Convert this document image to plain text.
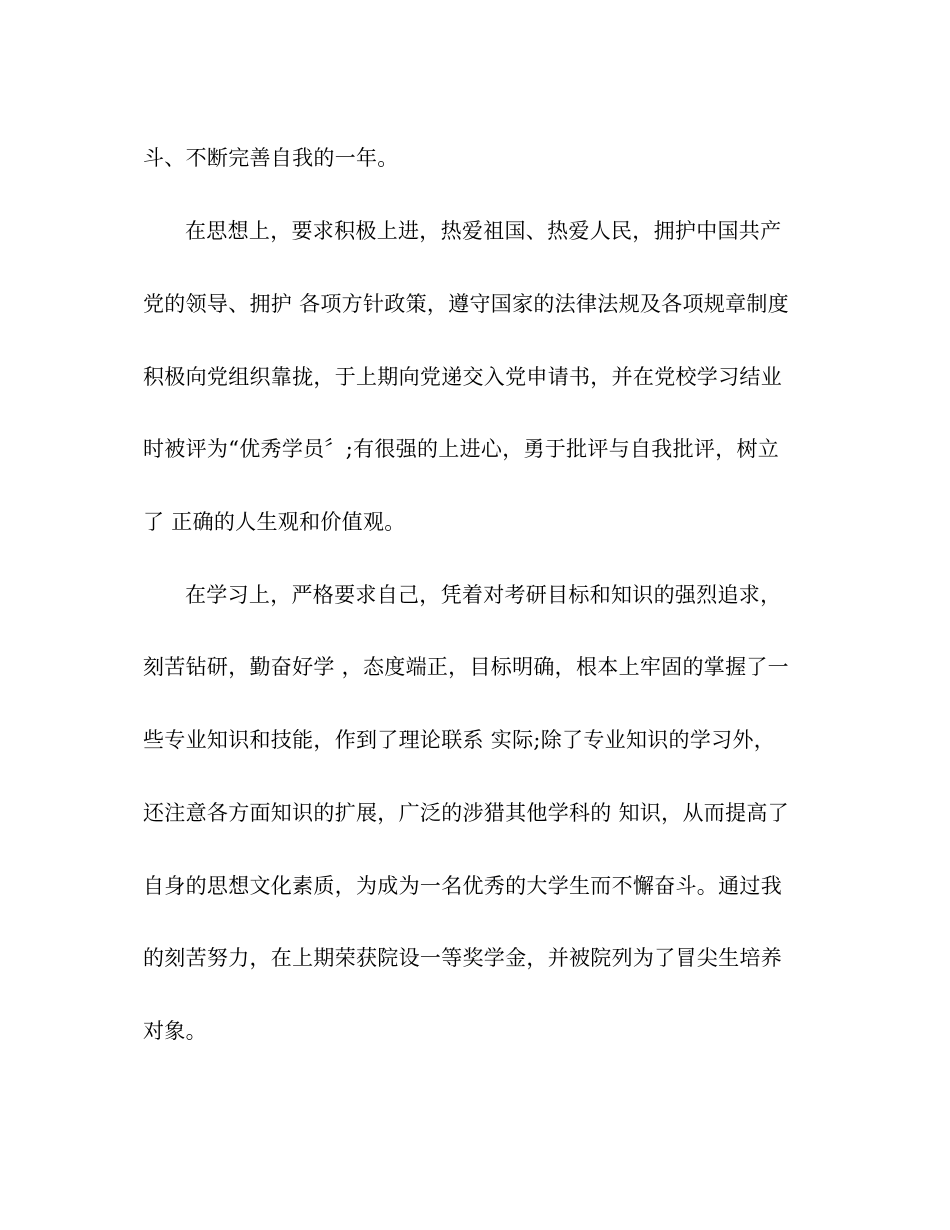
斗、不断完善自我的一年。
在思想上，要求积极上进，热爱祖国、热爱人民，拥护中国共产
党的领导、拥护 各项方针政策，遵守国家的法律法规及各项规章制度
积极向党组织靠拢，于上期向党递交入党申请书，并在党校学习结业
时被评为“优秀学员〞;有很强的上进心，勇于批评与自我批评，树立
了 正确的人生观和价值观。
在学习上，严格要求自己，凭着对考研目标和知识的强烈追求，
刻苦钻研，勤奋好学 ，态度端正，目标明确，根本上牢固的掌握了一
些专业知识和技能，作到了理论联系 实际;除了专业知识的学习外，
还注意各方面知识的扩展，广泛的涉猎其他学科的 知识，从而提高了
自身的思想文化素质，为成为一名优秀的大学生而不懈奋斗。通过我
的刻苦努力，在上期荣获院设一等奖学金，并被院列为了冒尖生培养
对象。
